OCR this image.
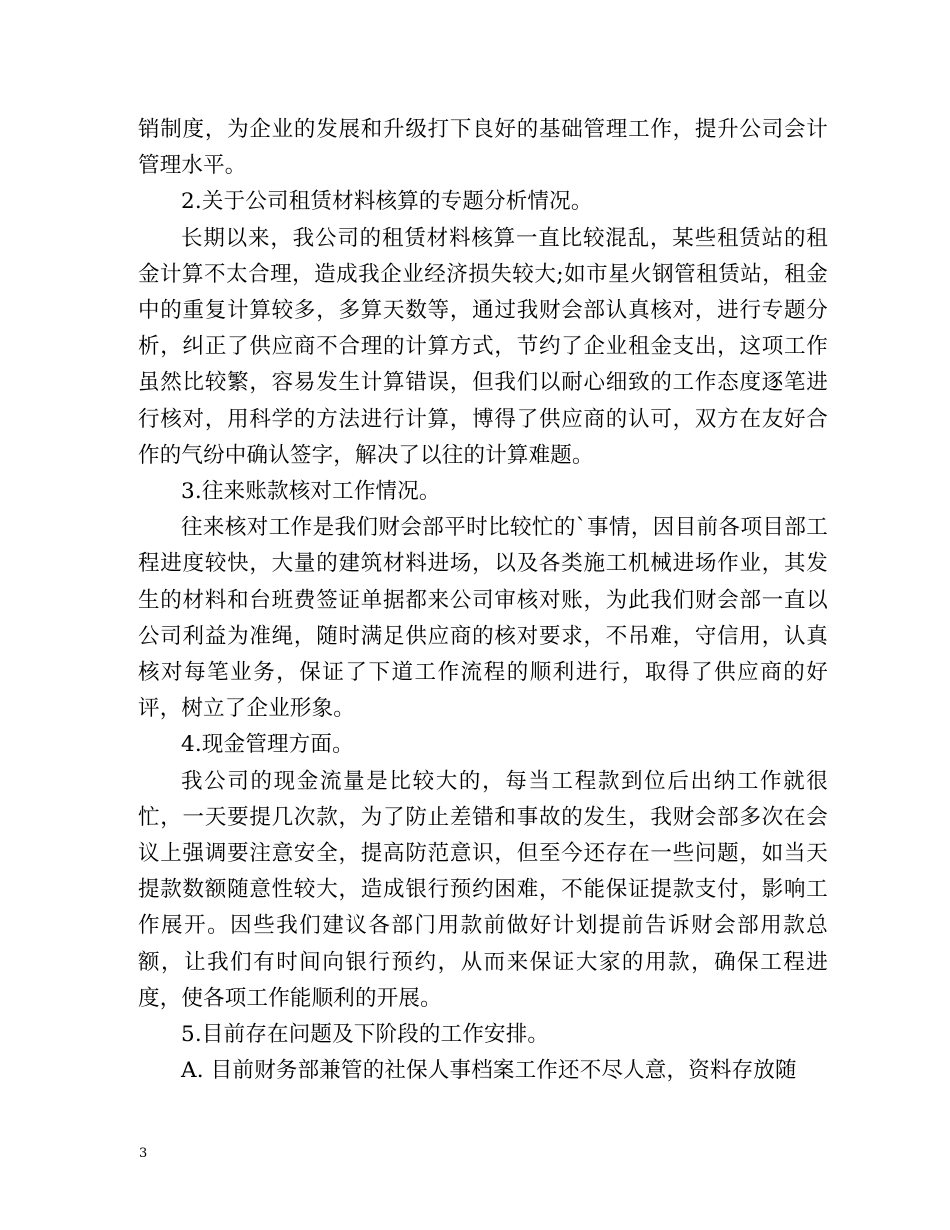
销制度，为企业的发展和升级打下良好的基础管理工作，提升公司会计管理水平。

2.关于公司租赁材料核算的专题分析情况。

长期以来，我公司的租赁材料核算一直比较混乱，某些租赁站的租金计算不太合理，造成我企业经济损失较大;如市星火钢管租赁站，租金中的重复计算较多，多算天数等，通过我财会部认真核对，进行专题分析，纠正了供应商不合理的计算方式，节约了企业租金支出，这项工作虽然比较繁，容易发生计算错误，但我们以耐心细致的工作态度逐笔进行核对，用科学的方法进行计算，博得了供应商的认可，双方在友好合作的气纷中确认签字，解决了以往的计算难题。

3.往来账款核对工作情况。

往来核对工作是我们财会部平时比较忙的`事情，因目前各项目部工程进度较快，大量的建筑材料进场，以及各类施工机械进场作业，其发生的材料和台班费签证单据都来公司审核对账，为此我们财会部一直以公司利益为准绳，随时满足供应商的核对要求，不吊难，守信用，认真核对每笔业务，保证了下道工作流程的顺利进行，取得了供应商的好评，树立了企业形象。

4.现金管理方面。

我公司的现金流量是比较大的，每当工程款到位后出纳工作就很忙，一天要提几次款，为了防止差错和事故的发生，我财会部多次在会议上强调要注意安全，提高防范意识，但至今还存在一些问题，如当天提款数额随意性较大，造成银行预约困难，不能保证提款支付，影响工作展开。因些我们建议各部门用款前做好计划提前告诉财会部用款总额，让我们有时间向银行预约，从而来保证大家的用款，确保工程进度，使各项工作能顺利的开展。

5.目前存在问题及下阶段的工作安排。

A. 目前财务部兼管的社保人事档案工作还不尽人意，资料存放随

3
